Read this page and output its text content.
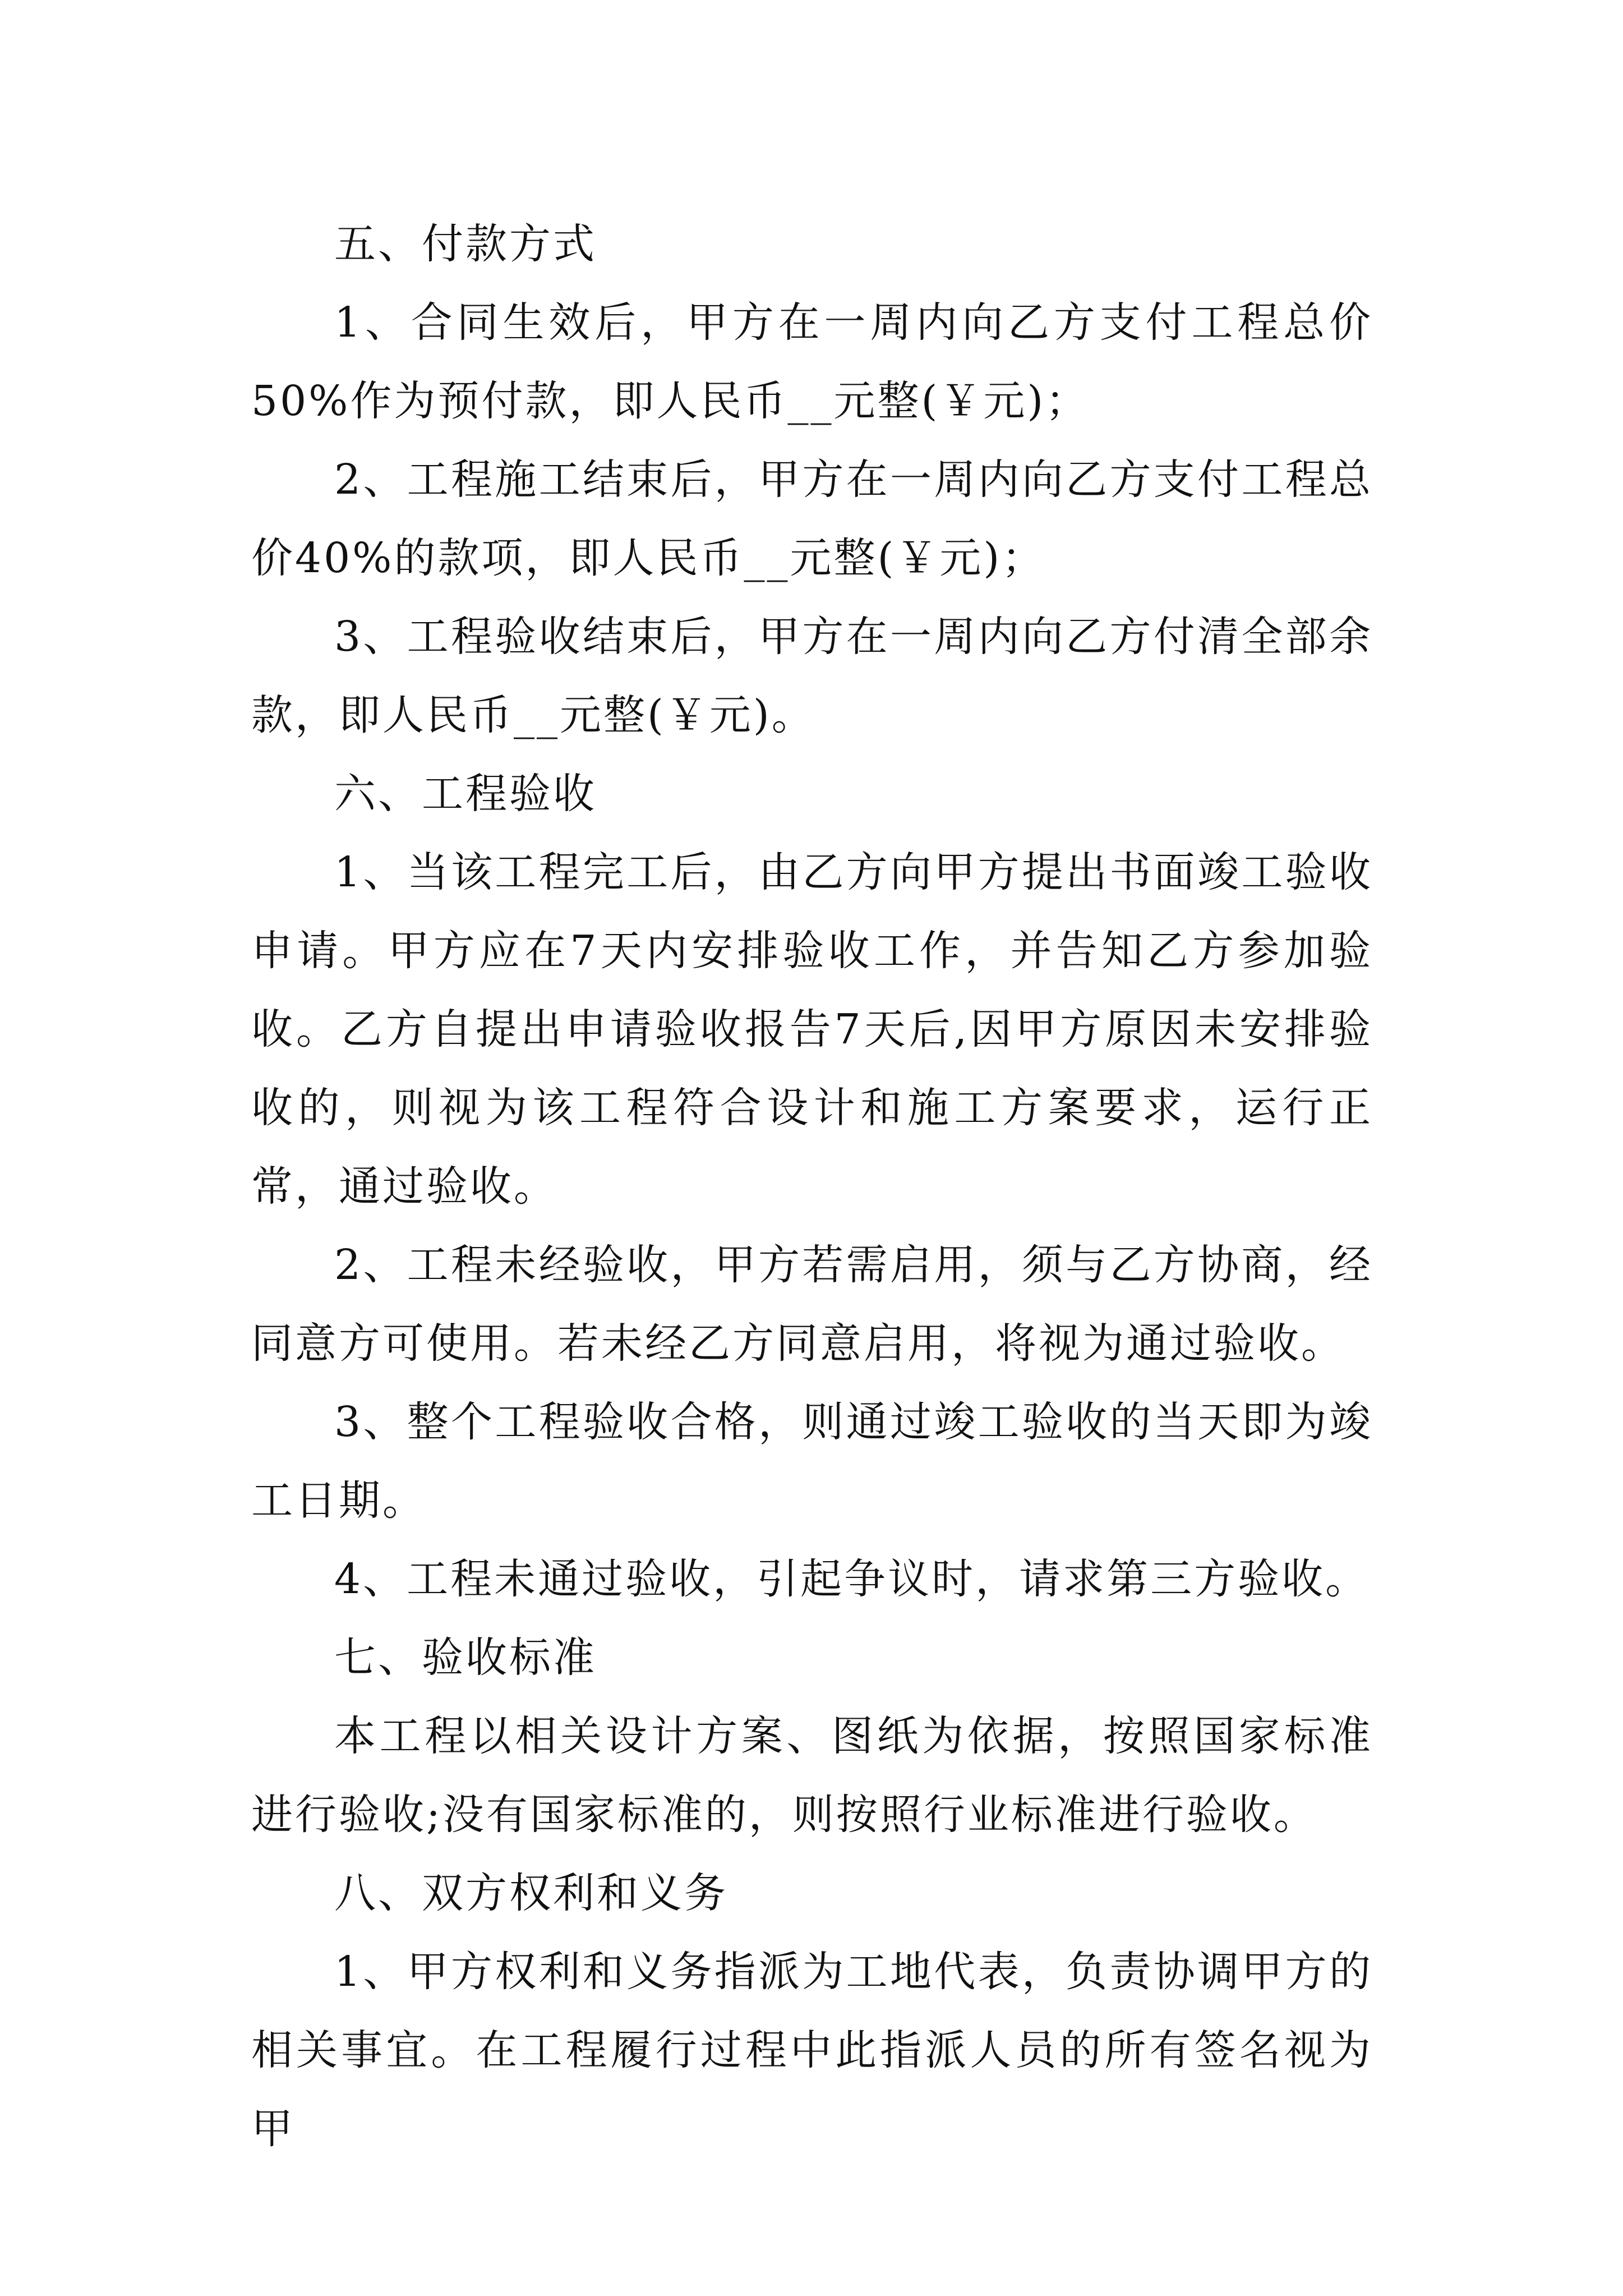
五、付款方式

1、合同生效后，甲方在一周内向乙方支付工程总价50%作为预付款，即人民币__元整(￥元)；

2、工程施工结束后，甲方在一周内向乙方支付工程总价40%的款项，即人民币__元整(￥元)；

3、工程验收结束后，甲方在一周内向乙方付清全部余款，即人民币__元整(￥元)。

六、工程验收

1、当该工程完工后，由乙方向甲方提出书面竣工验收申请。甲方应在7天内安排验收工作，并告知乙方参加验收。乙方自提出申请验收报告7天后,因甲方原因未安排验收的，则视为该工程符合设计和施工方案要求，运行正常，通过验收。

2、工程未经验收，甲方若需启用，须与乙方协商，经同意方可使用。若未经乙方同意启用，将视为通过验收。

3、整个工程验收合格，则通过竣工验收的当天即为竣工日期。

4、工程未通过验收，引起争议时，请求第三方验收。

七、验收标准

本工程以相关设计方案、图纸为依据，按照国家标准进行验收;没有国家标准的，则按照行业标准进行验收。

八、双方权利和义务

1、甲方权利和义务指派为工地代表，负责协调甲方的相关事宜。在工程履行过程中此指派人员的所有签名视为甲
